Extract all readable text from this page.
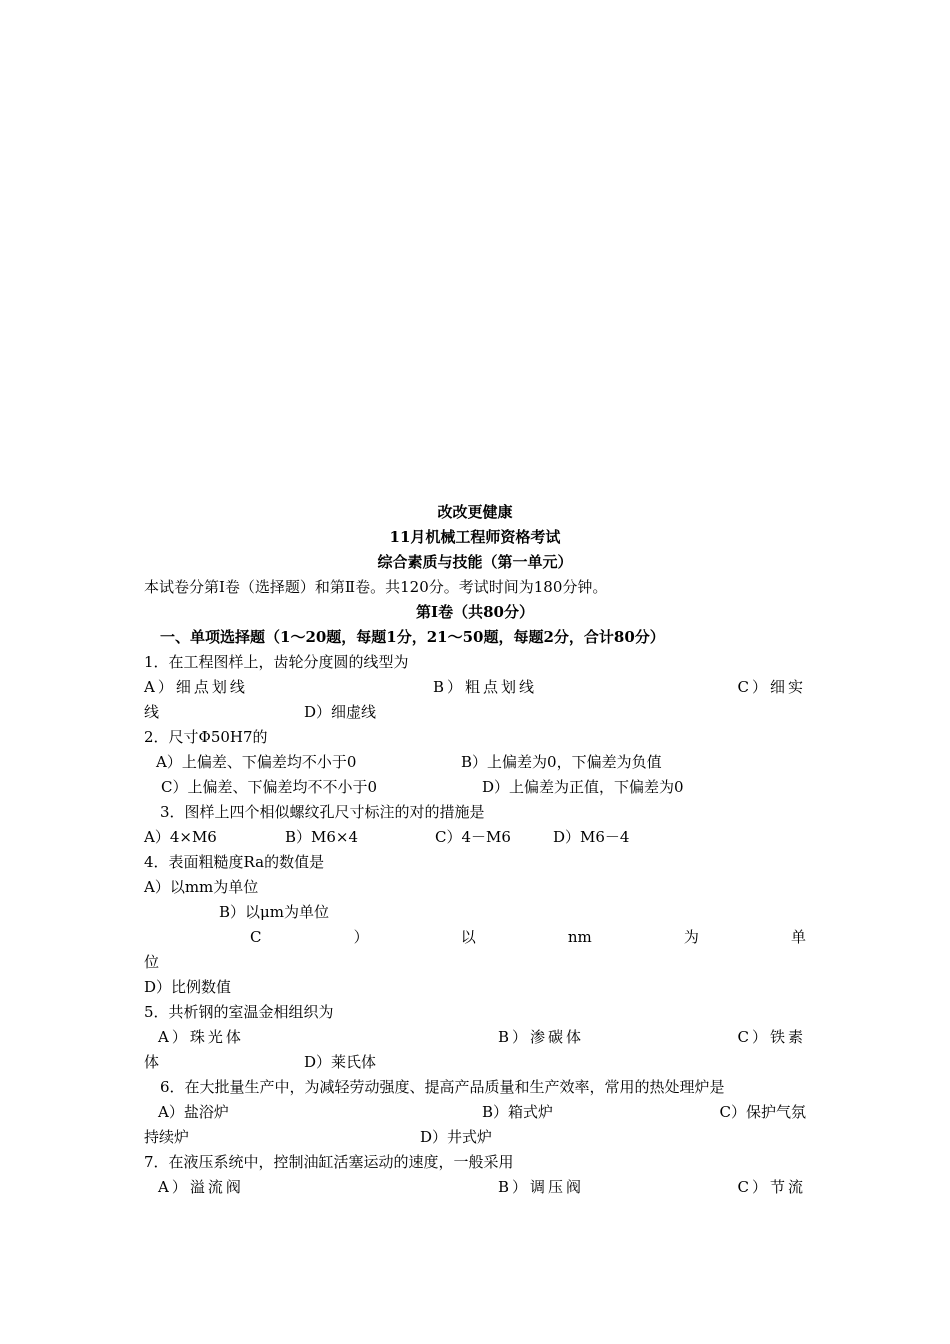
改改更健康
11月机械工程师资格考试
综合素质与技能（第一单元）
本试卷分第Ⅰ卷（选择题）和第Ⅱ卷。共120分。考试时间为180分钟。
第Ⅰ卷（共80分）
一、单项选择题（1～20题，每题1分，21～50题，每题2分，合计80分）
1．在工程图样上，齿轮分度圆的线型为
A）细点划线	B）粗点划线	C）细实
线	D）细虚线
2．尺寸Φ50H7的
A）上偏差、下偏差均不小于0	B）上偏差为0，下偏差为负值
C）上偏差、下偏差均不不小于0	D）上偏差为正值，下偏差为0
3．图样上四个相似螺纹孔尺寸标注的对的措施是
A）4×M6	B）M6×4	C）4－M6	D）M6－4
4．表面粗糙度Ra的数值是
A）以mm为单位
B）以μm为单位
C	）	以	nm	为	单
位
D）比例数值
5．共析钢的室温金相组织为
A）珠光体	B）渗碳体	C）铁素
体	D）莱氏体
6．在大批量生产中，为减轻劳动强度、提高产品质量和生产效率，常用的热处理炉是
A）盐浴炉	B）箱式炉	C）保护气氛
持续炉	D）井式炉
7．在液压系统中，控制油缸活塞运动的速度，一般采用
A）溢流阀	B）调压阀	C）节流
